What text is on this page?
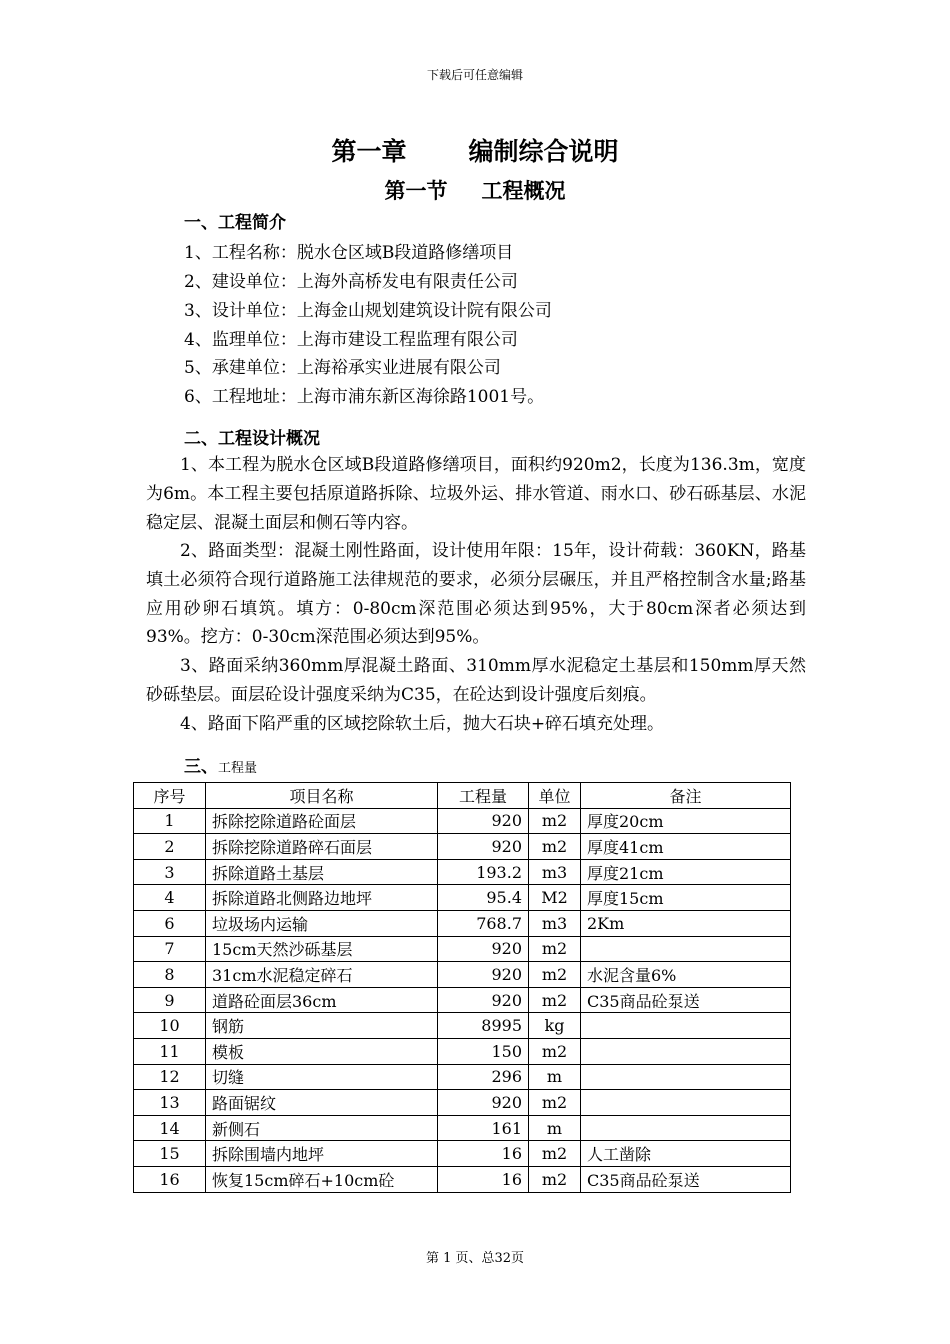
下载后可任意编辑
第一章 编制综合说明
第一节 工程概况
一、工程简介
1、工程名称：脱水仓区域B段道路修缮项目
2、建设单位：上海外高桥发电有限责任公司
3、设计单位：上海金山规划建筑设计院有限公司
4、监理单位：上海市建设工程监理有限公司
5、承建单位：上海裕承实业进展有限公司
6、工程地址：上海市浦东新区海徐路1001号。
二、工程设计概况
1、本工程为脱水仓区域B段道路修缮项目，面积约920m2，长度为136.3m，宽度为6m。本工程主要包括原道路拆除、垃圾外运、排水管道、雨水口、砂石砾基层、水泥稳定层、混凝土面层和侧石等内容。
2、路面类型：混凝土刚性路面，设计使用年限：15年，设计荷载：360KN，路基填土必须符合现行道路施工法律规范的要求，必须分层碾压，并且严格控制含水量;路基应用砂卵石填筑。填方：0-80cm深范围必须达到95%，大于80cm深者必须达到93%。挖方：0-30cm深范围必须达到95%。
3、路面采纳360mm厚混凝土路面、310mm厚水泥稳定土基层和150mm厚天然砂砾垫层。面层砼设计强度采纳为C35，在砼达到设计强度后刻痕。
4、路面下陷严重的区域挖除软土后，抛大石块+碎石填充处理。
三、工程量
序号	项目名称	工程量	单位	备注
1	拆除挖除道路砼面层	920	m2	厚度20cm
2	拆除挖除道路碎石面层	920	m2	厚度41cm
3	拆除道路土基层	193.2	m3	厚度21cm
4	拆除道路北侧路边地坪	95.4	M2	厚度15cm
6	垃圾场内运输	768.7	m3	2Km
7	15cm天然沙砾基层	920	m2	
8	31cm水泥稳定碎石	920	m2	水泥含量6%
9	道路砼面层36cm	920	m2	C35商品砼泵送
10	钢筋	8995	kg	
11	模板	150	m2	
12	切缝	296	m	
13	路面锯纹	920	m2	
14	新侧石	161	m	
15	拆除围墙内地坪	16	m2	人工凿除
16	恢复15cm碎石+10cm砼	16	m2	C35商品砼泵送
第 1 页、总32页
